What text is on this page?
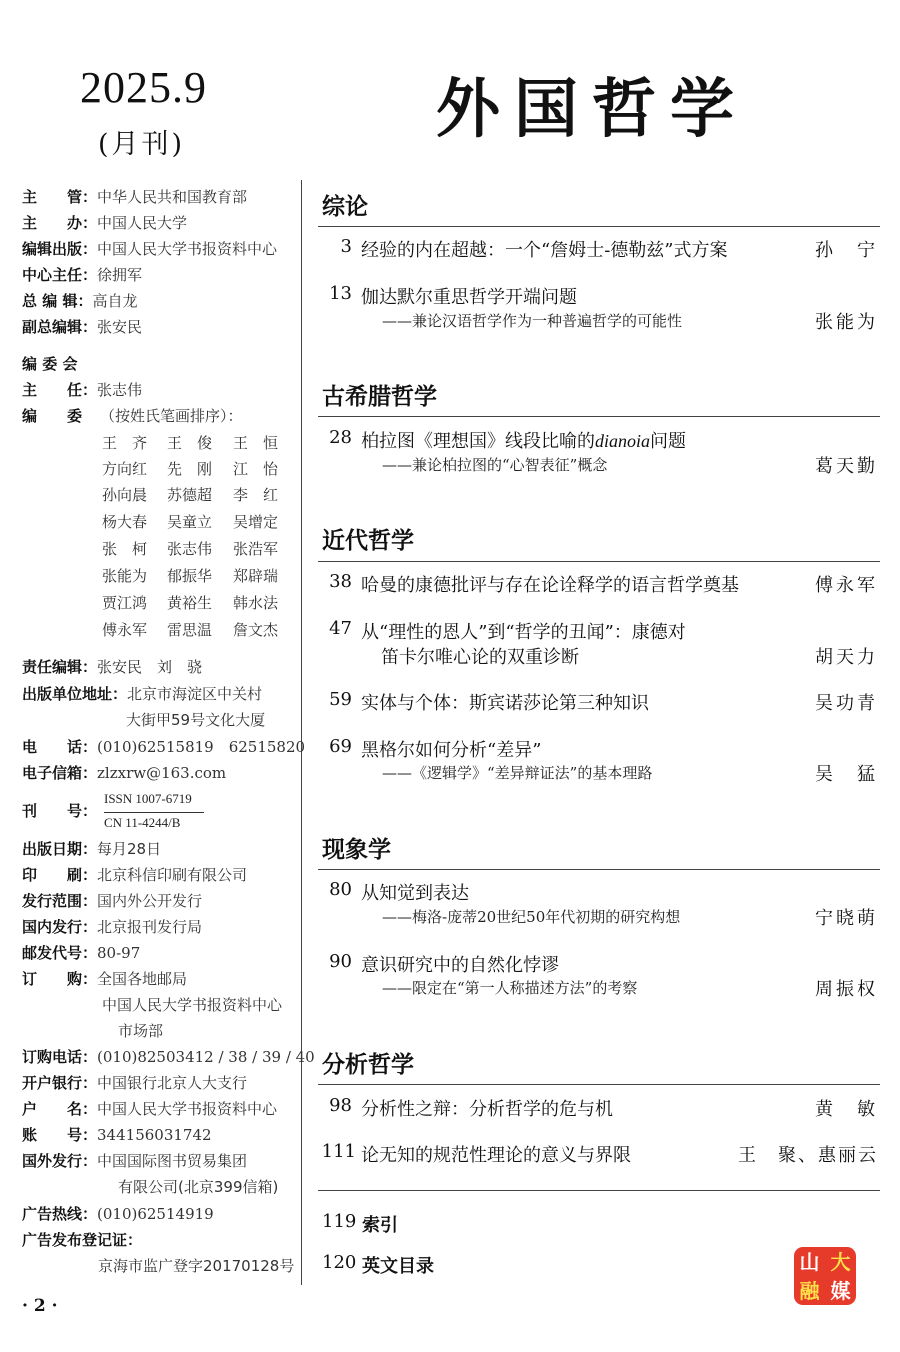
2025.9
(月刊)	外国哲学
主　　管：中华人民共和国教育部
主　　办：中国人民大学
编辑出版：中国人民大学书报资料中心
中心主任：徐拥军
总 编 辑：高自龙
副总编辑：张安民
编 委 会
主　　任：张志伟
编　　委 （按姓氏笔画排序）：
王　齐	王　俊	王　恒
方向红	先　刚	江　怡
孙向晨	苏德超	李　红
杨大春	吴童立	吴增定
张　柯	张志伟	张浩军
张能为	郁振华	郑辟瑞
贾江鸿	黄裕生	韩水法
傅永军	雷思温	詹文杰
责任编辑：张安民　刘　骁
出版单位地址：北京市海淀区中关村
大街甲59号文化大厦
电　　话：(010)62515819　62515820
电子信箱：zlzxrw@163.com
刊　　号：
ISSN 1007-6719
CN 11-4244/B
出版日期：每月28日
印　　刷：北京科信印刷有限公司
发行范围：国内外公开发行
国内发行：北京报刊发行局
邮发代号：80-97
订　　购：全国各地邮局
中国人民大学书报资料中心
市场部
订购电话：(010)82503412 / 38 / 39 / 40
开户银行：中国银行北京人大支行
户　　名：中国人民大学书报资料中心
账　　号：344156031742
国外发行：中国国际图书贸易集团
有限公司(北京399信箱)
广告热线：(010)62514919
广告发布登记证：
京海市监广登字20170128号
综论
3 经验的内在超越：一个“詹姆士-德勒兹”式方案	孙　宁
13 伽达默尔重思哲学开端问题
——兼论汉语哲学作为一种普遍哲学的可能性	张能为
古希腊哲学
28 柏拉图《理想国》线段比喻的dianoia问题
——兼论柏拉图的“心智表征”概念	葛天勤
近代哲学
38 哈曼的康德批评与存在论诠释学的语言哲学奠基	傅永军
47 从“理性的恩人”到“哲学的丑闻”：康德对
笛卡尔唯心论的双重诊断	胡天力
59 实体与个体：斯宾诺莎论第三种知识	吴功青
69 黑格尔如何分析“差异”
——《逻辑学》“差异辩证法”的基本理路	吴　猛
现象学
80 从知觉到表达
——梅洛-庞蒂20世纪50年代初期的研究构想	宁晓萌
90 意识研究中的自然化悖谬
——限定在“第一人称描述方法”的考察	周振权
分析哲学
98 分析性之辩：分析哲学的危与机	黄　敏
111 论无知的规范性理论的意义与界限	王　聚、惠丽云
119 索引
120 英文目录
· 2 ·
山 大
融 媒
